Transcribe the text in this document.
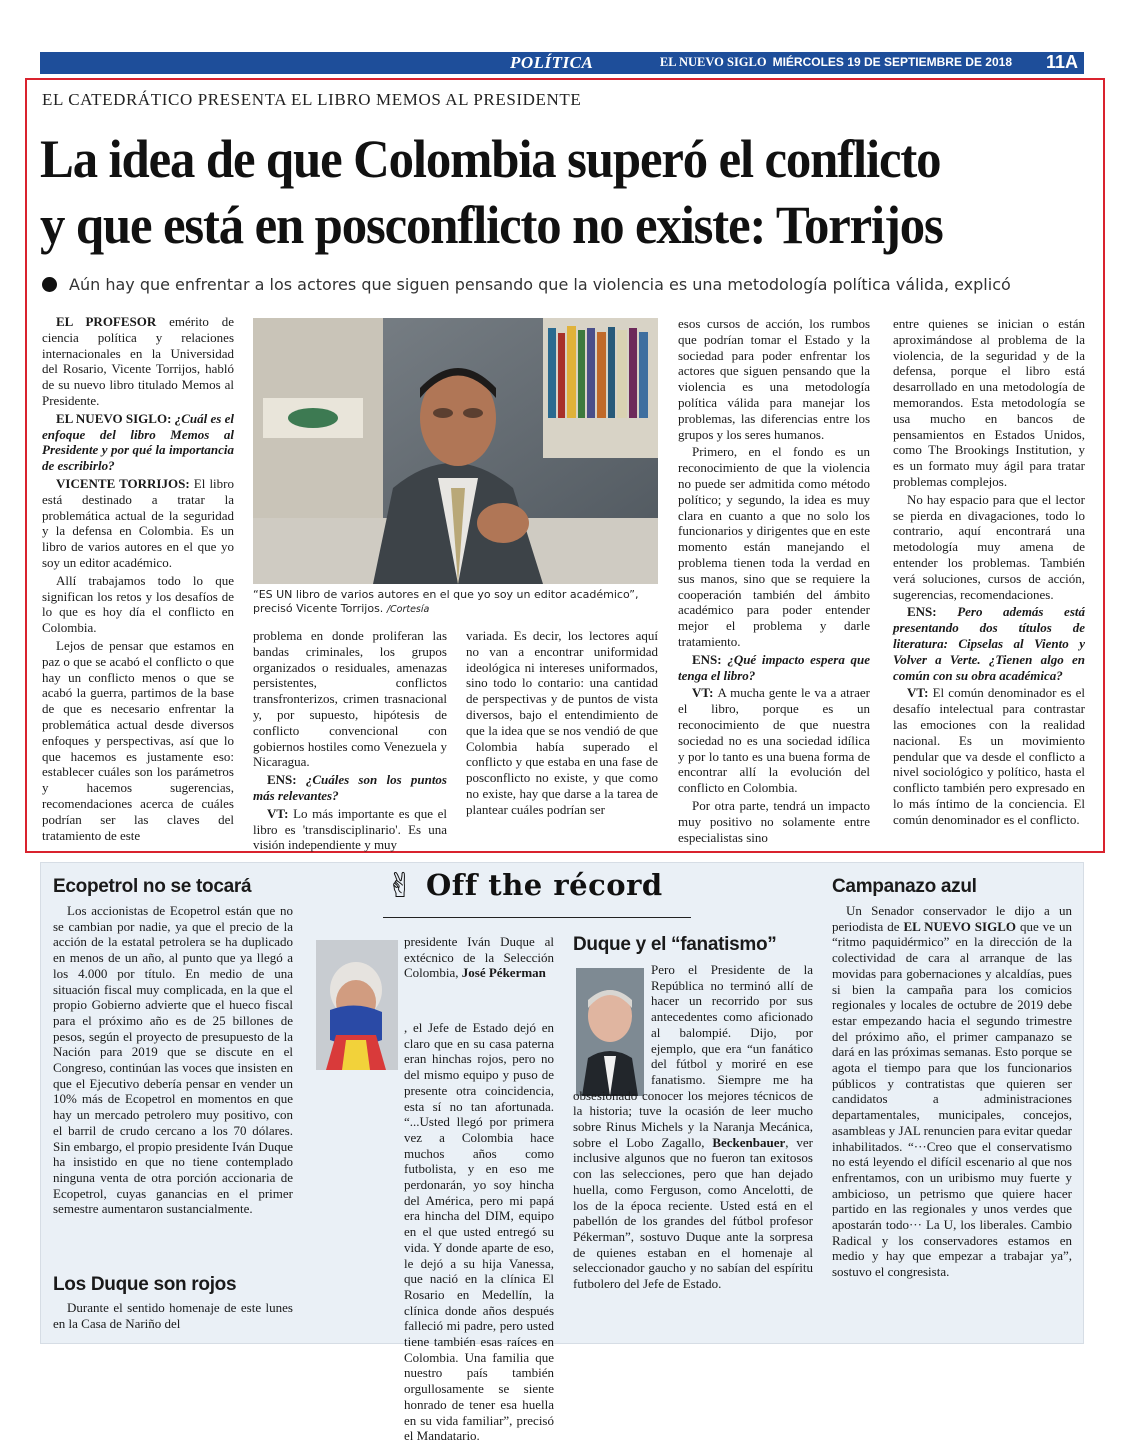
POLÍTICA	EL NUEVO SIGLO MIÉRCOLES 19 DE SEPTIEMBRE DE 2018 11A
EL CATEDRÁTICO PRESENTA EL LIBRO MEMOS AL PRESIDENTE
La idea de que Colombia superó el conflicto
y que está en posconflicto no existe: Torrijos
Aún hay que enfrentar a los actores que siguen pensando que la violencia es una metodología política válida, explicó

EL PROFESOR emérito de ciencia política y relaciones internacionales en la Universidad del Rosario, Vicente Torrijos, habló de su nuevo libro titulado Memos al Presidente.

EL NUEVO SIGLO: ¿Cuál es el enfoque del libro Memos al Presidente y por qué la importancia de escribirlo?

VICENTE TORRIJOS: El libro está destinado a tratar la problemática actual de la seguridad y la defensa en Colombia. Es un libro de varios autores en el que yo soy un editor académico.

Allí trabajamos todo lo que significan los retos y los desafíos de lo que es hoy día el conflicto en Colombia.

Lejos de pensar que estamos en paz o que se acabó el conflicto o que hay un conflicto menos o que se acabó la guerra, partimos de la base de que es necesario enfrentar la problemática actual desde diversos enfoques y perspectivas, así que lo que hacemos es justamente eso: establecer cuáles son los parámetros y hacemos sugerencias, recomendaciones acerca de cuáles podrían ser las claves del tratamiento de este

“ES UN libro de varios autores en el que yo soy un editor académico”, precisó Vicente Torrijos. /Cortesía

problema en donde proliferan las bandas criminales, los grupos organizados o residuales, amenazas persistentes, conflictos transfronterizos, crimen trasnacional y, por supuesto, hipótesis de conflicto convencional con gobiernos hostiles como Venezuela y Nicaragua.

ENS: ¿Cuáles son los puntos más relevantes?

VT: Lo más importante es que el libro es 'transdisciplinario'. Es una visión independiente y muy

variada. Es decir, los lectores aquí no van a encontrar uniformidad ideológica ni intereses uniformados, sino todo lo contario: una cantidad de perspectivas y de puntos de vista diversos, bajo el entendimiento de que la idea que se nos vendió de que Colombia había superado el conflicto y que estaba en una fase de posconflicto no existe, y que como no existe, hay que darse a la tarea de plantear cuáles podrían ser

esos cursos de acción, los rumbos que podrían tomar el Estado y la sociedad para poder enfrentar los actores que siguen pensando que la violencia es una metodología política válida para manejar los problemas, las diferencias entre los grupos y los seres humanos.

Primero, en el fondo es un reconocimiento de que la violencia no puede ser admitida como método político; y segundo, la idea es muy clara en cuanto a que no solo los funcionarios y dirigentes que en este momento están manejando el problema tienen toda la verdad en sus manos, sino que se requiere la cooperación también del ámbito académico para poder entender mejor el problema y darle tratamiento.

ENS: ¿Qué impacto espera que tenga el libro?

VT: A mucha gente le va a atraer el libro, porque es un reconocimiento de que nuestra sociedad no es una sociedad idílica y por lo tanto es una buena forma de encontrar allí la evolución del conflicto en Colombia.

Por otra parte, tendrá un impacto muy positivo no solamente entre especialistas sino

entre quienes se inician o están aproximándose al problema de la violencia, de la seguridad y de la defensa, porque el libro está desarrollado en una metodología de memorandos. Esta metodología se usa mucho en bancos de pensamientos en Estados Unidos, como The Brookings Institution, y es un formato muy ágil para tratar problemas complejos.

No hay espacio para que el lector se pierda en divagaciones, todo lo contrario, aquí encontrará una metodología muy amena de entender los problemas. También verá soluciones, cursos de acción, sugerencias, recomendaciones.

ENS: Pero además está presentando dos títulos de literatura: Cipselas al Viento y Volver a Verte. ¿Tienen algo en común con su obra académica?

VT: El común denominador es el desafío intelectual para contrastar las emociones con la realidad nacional. Es un movimiento pendular que va desde el conflicto a nivel sociológico y político, hasta el conflicto también pero expresado en lo más íntimo de la conciencia. El común denominador es el conflicto.

Ecopetrol no se tocará

Los accionistas de Ecopetrol están que no se cambian por nadie, ya que el precio de la acción de la estatal petrolera se ha duplicado en menos de un año, al punto que ya llegó a los 4.000 por título. En medio de una situación fiscal muy complicada, en la que el propio Gobierno advierte que el hueco fiscal para el próximo año es de 25 billones de pesos, según el proyecto de presupuesto de la Nación para 2019 que se discute en el Congreso, continúan las voces que insisten en que el Ejecutivo debería pensar en vender un 10% más de Ecopetrol en momentos en que hay un mercado petrolero muy positivo, con el barril de crudo cercano a los 70 dólares. Sin embargo, el propio presidente Iván Duque ha insistido en que no tiene contemplado ninguna venta de otra porción accionaria de Ecopetrol, cuyas ganancias en el primer semestre aumentaron sustancialmente.

Los Duque son rojos

Durante el sentido homenaje de este lunes en la Casa de Nariño del

✌ Off the récord

presidente Iván Duque al extécnico de la Selección Colombia, José Pékerman

, el Jefe de Estado dejó en claro que en su casa paterna eran hinchas rojos, pero no del mismo equipo y puso de presente otra coincidencia, esta sí no tan afortunada. “...Usted llegó por primera vez a Colombia hace muchos años como futbolista, y en eso me perdonarán, yo soy hincha del América, pero mi papá era hincha del DIM, equipo en el que usted entregó su vida. Y donde aparte de eso, le dejó a su hija Vanessa, que nació en la clínica El Rosario en Medellín, la clínica donde años después falleció mi padre, pero usted tiene también esas raíces en Colombia. Una familia que nuestro país también orgullosamente se siente honrado de tener esa huella en su vida familiar”, precisó el Mandatario.

Duque y el “fanatismo”

Pero el Presidente de la República no terminó allí de hacer un recorrido por sus antecedentes como aficionado al balompié. Dijo, por ejemplo, que era “un fanático del fútbol y moriré en ese fanatismo. Siempre me ha obsesionado conocer los mejores técnicos de la historia; tuve la ocasión de leer mucho sobre Rinus Michels y la Naranja Mecánica, sobre el Lobo Zagallo, Beckenbauer, ver inclusive algunos que no fueron tan exitosos con las selecciones, pero que han dejado huella, como Ferguson, como Ancelotti, de los de la época reciente. Usted está en el pabellón de los grandes del fútbol profesor Pékerman”, sostuvo Duque ante la sorpresa de quienes estaban en el homenaje al seleccionador gaucho y no sabían del espíritu futbolero del Jefe de Estado.

Campanazo azul

Un Senador conservador le dijo a un periodista de EL NUEVO SIGLO que ve un “ritmo paquidérmico” en la dirección de la colectividad de cara al arranque de las movidas para gobernaciones y alcaldías, pues si bien la campaña para los comicios regionales y locales de octubre de 2019 debe estar empezando hacia el segundo trimestre del próximo año, el primer campanazo se dará en las próximas semanas. Esto porque se agota el tiempo para que los funcionarios públicos y contratistas que quieren ser candidatos a administraciones departamentales, municipales, concejos, asambleas y JAL renuncien para evitar quedar inhabilitados. “···Creo que el conservatismo no está leyendo el difícil escenario al que nos enfrentamos, con un uribismo muy fuerte y ambicioso, un petrismo que quiere hacer partido en las regionales y unos verdes que apostarán todo··· La U, los liberales. Cambio Radical y los conservadores estamos en medio y hay que empezar a trabajar ya”, sostuvo el congresista.
